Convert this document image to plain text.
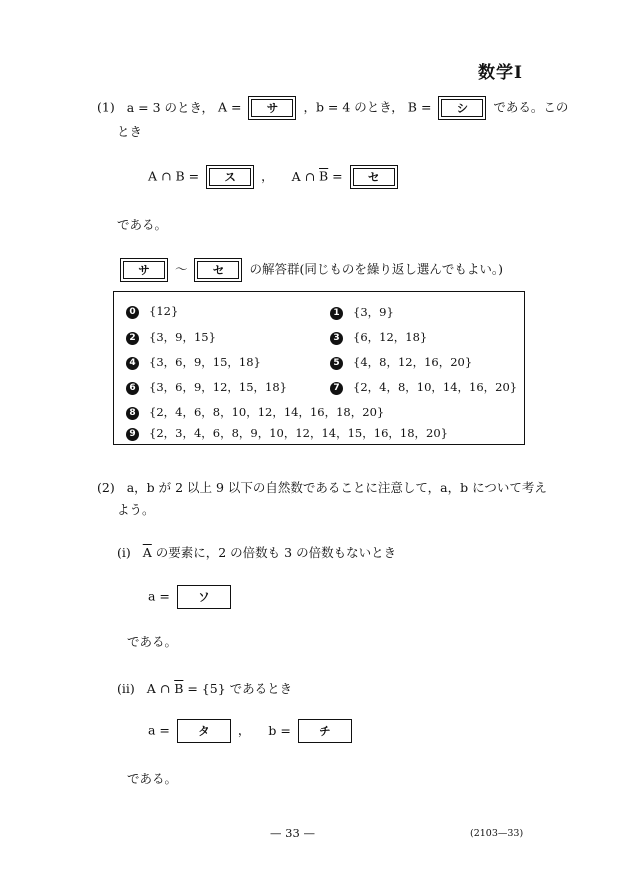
数学Ⅰ
(1) a = 3 のとき， A = サ ，b = 4 のとき， B = シ である。この
とき
A ∩ B = ス ， A ∩ $\overline{B}$ = セ
である。
サ 〜 セ の解答群(同じものを繰り返し選んでもよい。)
0 {12}	1 {3，9}
2 {3，9，15}	3 {6，12，18}
4 {3，6，9，15，18}	5 {4，8，12，16，20}
6 {3，6，9，12，15，18}	7 {2，4，8，10，14，16，20}
8 {2，4，6，8，10，12，14，16，18，20}
9 {2，3，4，6，8，9，10，12，14，15，16，18，20}
(2) a，b が 2 以上 9 以下の自然数であることに注意して，a，b について考え
よう。
(i) $\overline{A}$ の要素に，2 の倍数も 3 の倍数もないとき
a = ソ
である。
(ii) A ∩ $\overline{B} = \{5\}$ であるとき
a = タ ， b = チ
である。
— 33 —	(2103—33)
